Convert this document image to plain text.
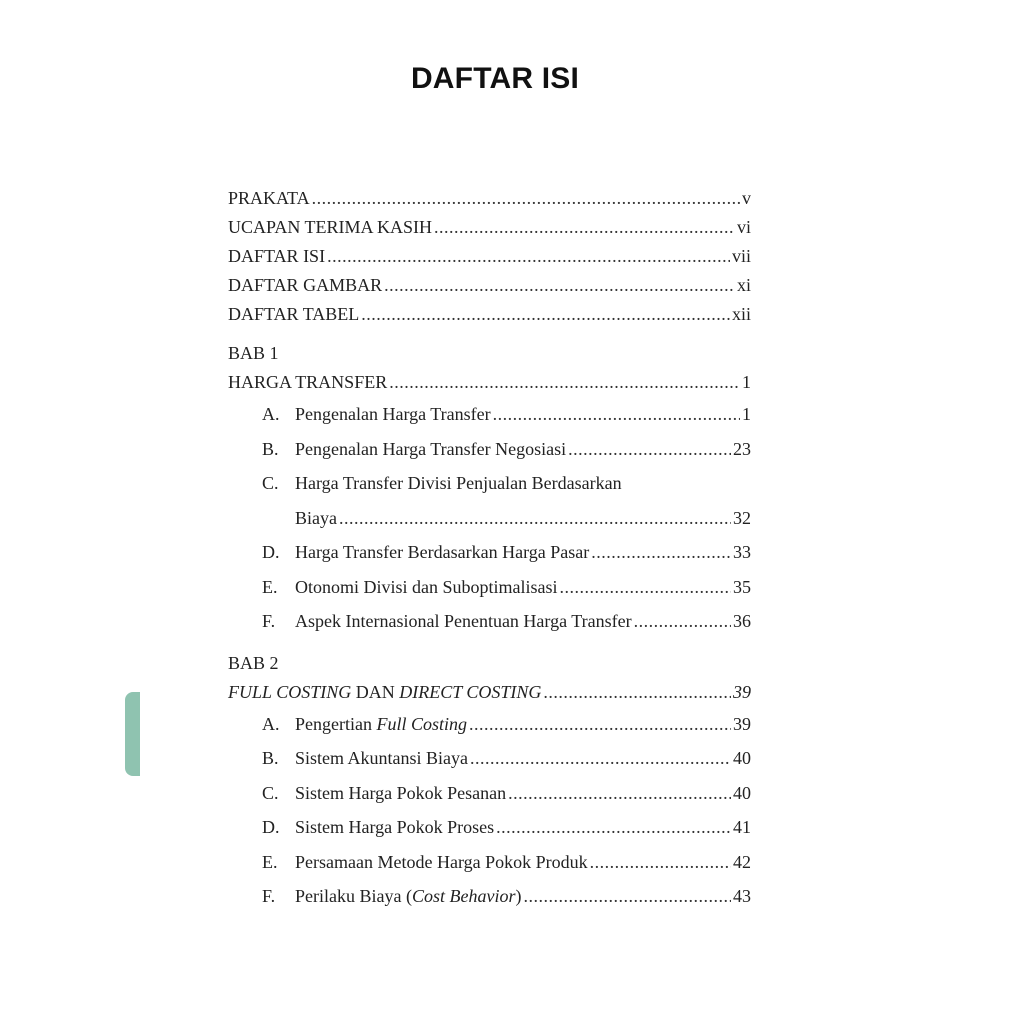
DAFTAR ISI
PRAKATA .....	v
UCAPAN TERIMA KASIH .....	vi
DAFTAR ISI .....	vii
DAFTAR GAMBAR .....	xi
DAFTAR TABEL .....	xii
BAB 1
HARGA TRANSFER .....	1
A. Pengenalan Harga Transfer .....	1
B. Pengenalan Harga Transfer Negosiasi .....	23
C. Harga Transfer Divisi Penjualan Berdasarkan
Biaya .....	32
D. Harga Transfer Berdasarkan Harga Pasar .....	33
E. Otonomi Divisi dan Suboptimalisasi .....	35
F.	Aspek Internasional Penentuan Harga Transfer .....	36
BAB 2
FULL COSTING DAN DIRECT COSTING .....	39
A. Pengertian Full Costing .....	39
B. Sistem Akuntansi Biaya .....	40
C. Sistem Harga Pokok Pesanan .....	40
D. Sistem Harga Pokok Proses .....	41
E. Persamaan Metode Harga Pokok Produk .....	42
F.	Perilaku Biaya (Cost Behavior) .....	43
